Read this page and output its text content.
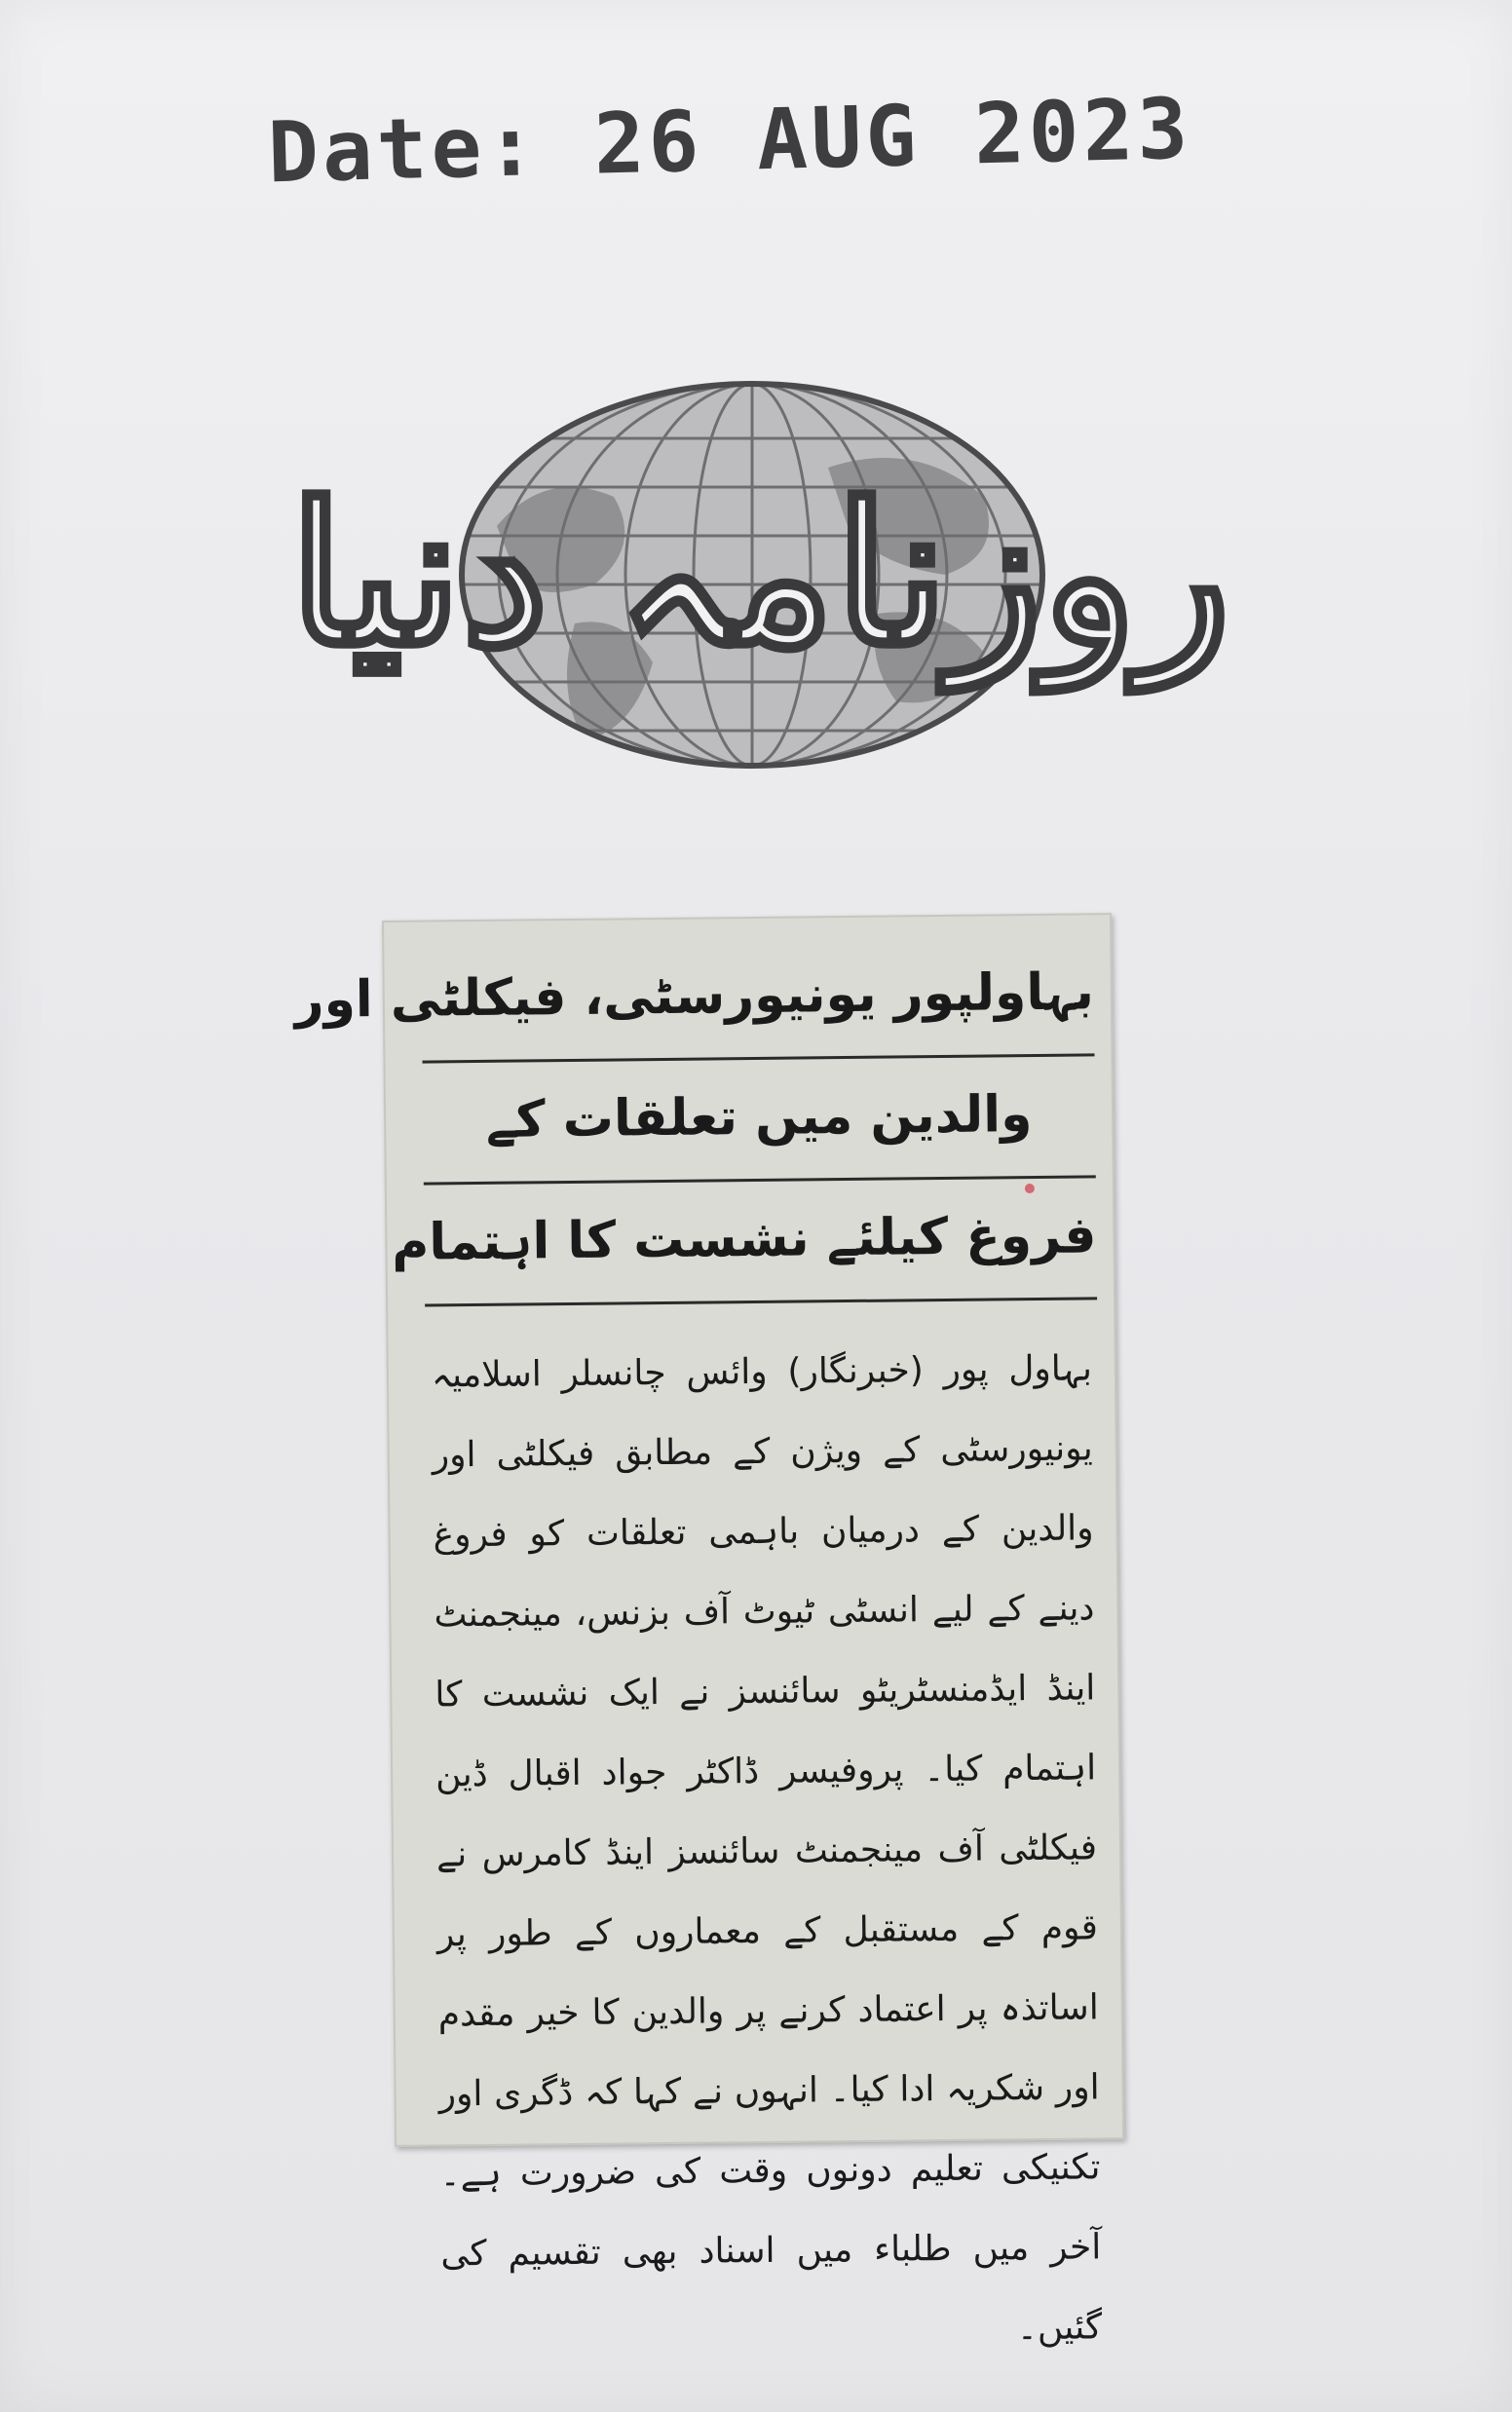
Date: 26 AUG 2023
روزنامہ دنیا
بہاولپور یونیورسٹی، فیکلٹی اور
والدین میں تعلقات کے
فروغ کیلئے نشست کا اہتمام
بہاول پور (خبرنگار) وائس چانسلر اسلامیہ یونیورسٹی کے ویژن کے مطابق فیکلٹی اور والدین کے درمیان باہمی تعلقات کو فروغ دینے کے لیے انسٹی ٹیوٹ آف بزنس، مینجمنٹ اینڈ ایڈمنسٹریٹو سائنسز نے ایک نشست کا اہتمام کیا۔ پروفیسر ڈاکٹر جواد اقبال ڈین فیکلٹی آف مینجمنٹ سائنسز اینڈ کامرس نے قوم کے مستقبل کے معماروں کے طور پر اساتذہ پر اعتماد کرنے پر والدین کا خیر مقدم اور شکریہ ادا کیا۔ انہوں نے کہا کہ ڈگری اور تکنیکی تعلیم دونوں وقت کی ضرورت ہے۔ آخر میں طلباء میں اسناد بھی تقسیم کی گئیں۔
